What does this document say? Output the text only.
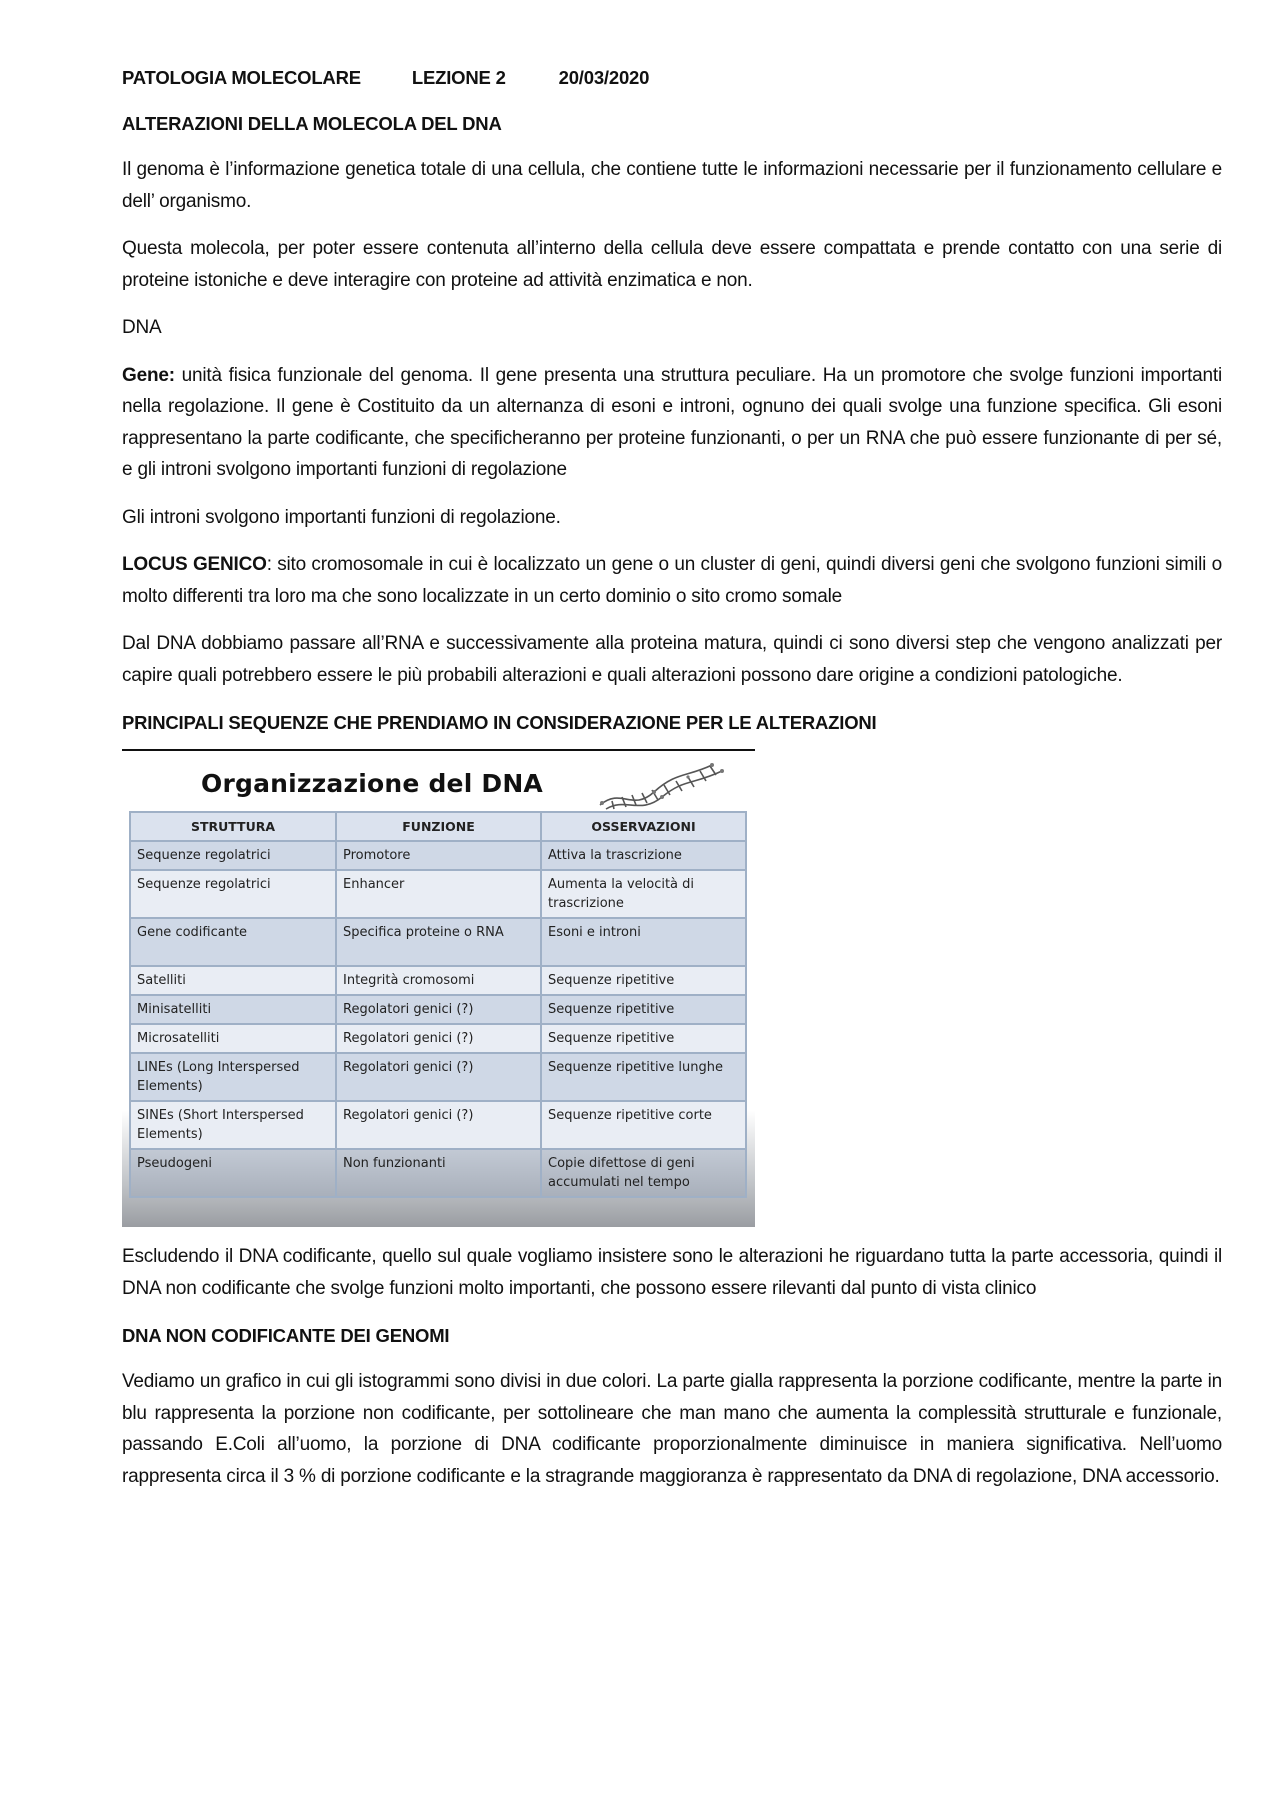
PATOLOGIA MOLECOLARE	LEZIONE 2	20/03/2020
ALTERAZIONI DELLA MOLECOLA DEL DNA

Il genoma è l’informazione genetica totale di una cellula, che contiene tutte le informazioni necessarie per il funzionamento cellulare e dell’ organismo.

Questa molecola, per poter essere contenuta all’interno della cellula deve essere compattata e prende contatto con una serie di proteine istoniche e deve interagire con proteine ad attività enzimatica e non.

DNA

Gene: unità fisica funzionale del genoma. Il gene presenta una struttura peculiare. Ha un promotore che svolge funzioni importanti nella regolazione. Il gene è Costituito da un alternanza di esoni e introni, ognuno dei quali svolge una funzione specifica. Gli esoni rappresentano la parte codificante, che specificheranno per proteine funzionanti, o per un RNA che può essere funzionante di per sé, e gli introni svolgono importanti funzioni di regolazione

Gli introni svolgono importanti funzioni di regolazione.

LOCUS GENICO: sito cromosomale in cui è localizzato un gene o un cluster di geni, quindi diversi geni che svolgono funzioni simili o molto differenti tra loro ma che sono localizzate in un certo dominio o sito cromo somale

Dal DNA dobbiamo passare all’RNA e successivamente alla proteina matura, quindi ci sono diversi step che vengono analizzati per capire quali potrebbero essere le più probabili alterazioni e quali alterazioni possono dare origine a condizioni patologiche.

PRINCIPALI SEQUENZE CHE PRENDIAMO IN CONSIDERAZIONE PER LE ALTERAZIONI
Organizzazione del DNA
STRUTTURA	FUNZIONE	OSSERVAZIONI
Sequenze regolatrici	Promotore	Attiva la trascrizione
Sequenze regolatrici	Enhancer	Aumenta la velocità di trascrizione
Gene codificante	Specifica proteine o RNA	Esoni e introni
Satelliti	Integrità cromosomi	Sequenze ripetitive
Minisatelliti	Regolatori genici (?)	Sequenze ripetitive
Microsatelliti	Regolatori genici (?)	Sequenze ripetitive
LINEs (Long Interspersed Elements)	Regolatori genici (?)	Sequenze ripetitive lunghe
SINEs (Short Interspersed Elements)	Regolatori genici (?)	Sequenze ripetitive corte
Pseudogeni	Non funzionanti	Copie difettose di geni accumulati nel tempo

Escludendo il DNA codificante, quello sul quale vogliamo insistere sono le alterazioni he riguardano tutta la parte accessoria, quindi il DNA non codificante che svolge funzioni molto importanti, che possono essere rilevanti dal punto di vista clinico

DNA NON CODIFICANTE DEI GENOMI

Vediamo un grafico in cui gli istogrammi sono divisi in due colori. La parte gialla rappresenta la porzione codificante, mentre la parte in blu rappresenta la porzione non codificante, per sottolineare che man mano che aumenta la complessità strutturale e funzionale, passando E.Coli all’uomo, la porzione di DNA codificante proporzionalmente diminuisce in maniera significativa. Nell’uomo rappresenta circa il 3 % di porzione codificante e la stragrande maggioranza è rappresentato da DNA di regolazione, DNA accessorio.
